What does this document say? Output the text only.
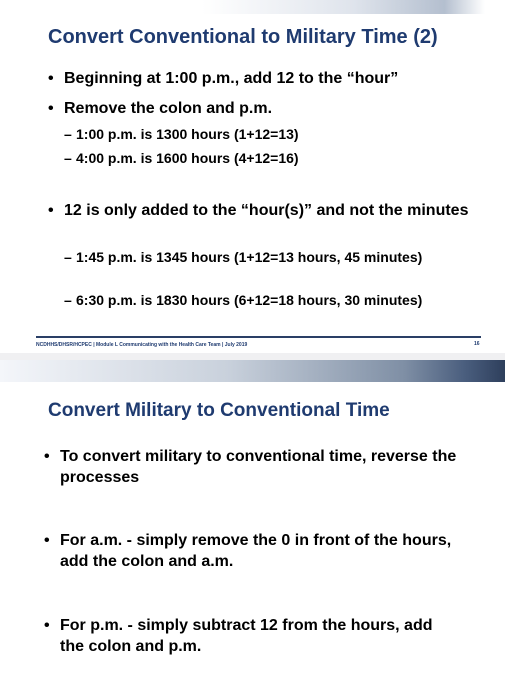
Convert Conventional to Military Time (2)
• Beginning at 1:00 p.m., add 12 to the “hour”
• Remove the colon and p.m.
– 1:00 p.m. is 1300 hours (1+12=13)
– 4:00 p.m. is 1600 hours (4+12=16)
• 12 is only added to the “hour(s)” and not the minutes
– 1:45 p.m. is 1345 hours (1+12=13 hours, 45 minutes)
– 6:30 p.m. is 1830 hours (6+12=18 hours, 30 minutes)
NCDHHS/DHSR/HCPEC | Module L Communicating with the Health Care Team | July 2019	16
Convert Military to Conventional Time
• To convert military to conventional time, reverse the processes
• For a.m. - simply remove the 0 in front of the hours, add the colon and a.m.
• For p.m. - simply subtract 12 from the hours, add the colon and p.m.
